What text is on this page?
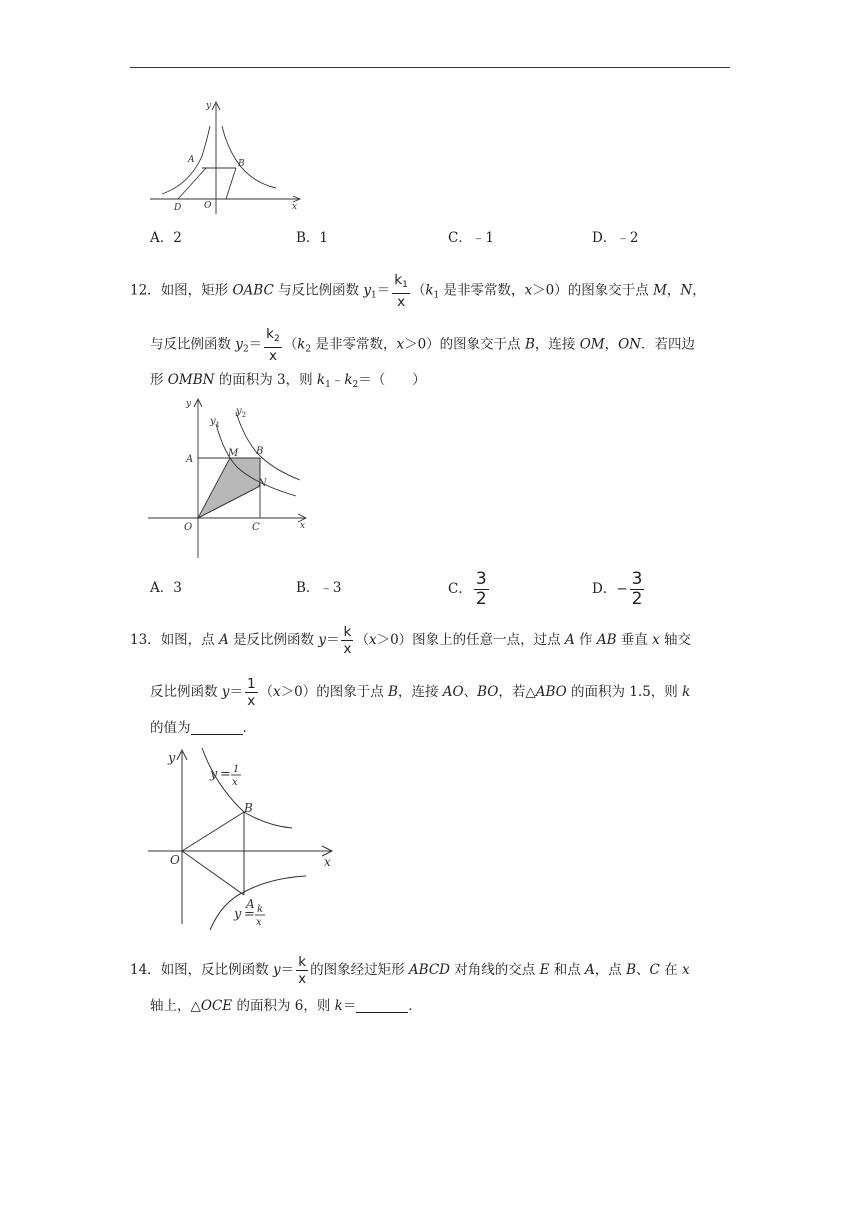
y
x
A	B
D	O
A．2	B．1	C．﹣1	D．﹣2
12．如图，矩形 OABC 与反比例函数 $y_1= \frac{k_1}{x} (k_1$ 是非零常数，x＞0）的图象交于点 M，N，
与反比例函数 $y_2= \frac{k_2}{x} (k_2$ 是非零常数，x＞0）的图象交于点 B，连接 OM，ON．若四边
形 OMBN 的面积为 3，则 $k_1﹣k_2=$（　　）
y
x
$y_1$
$y_2$
A
M B
N
O	C
A．3	B．﹣3	C． $\frac{3}{2}$	D．− $\frac{3}{2}$
13．如图，点 A 是反比例函数 $y= \frac{k}{x} (x>0)$图象上的任意一点，过点 A 作 AB 垂直 x 轴交
反比例函数 $y= \frac{1}{x} (x>0)$的图象于点 B，连接 AO、BO，若△ABO 的面积为 1.5，则 k
的值为	．
y
x
O
B
A
y = 1
x
y = k
x
14．如图，反比例函数 $y= \frac{k}{x}$ 的图象经过矩形 ABCD 对角线的交点 E 和点 A，点 B、C 在 x
轴上，△OCE 的面积为 6，则 k＝	．
